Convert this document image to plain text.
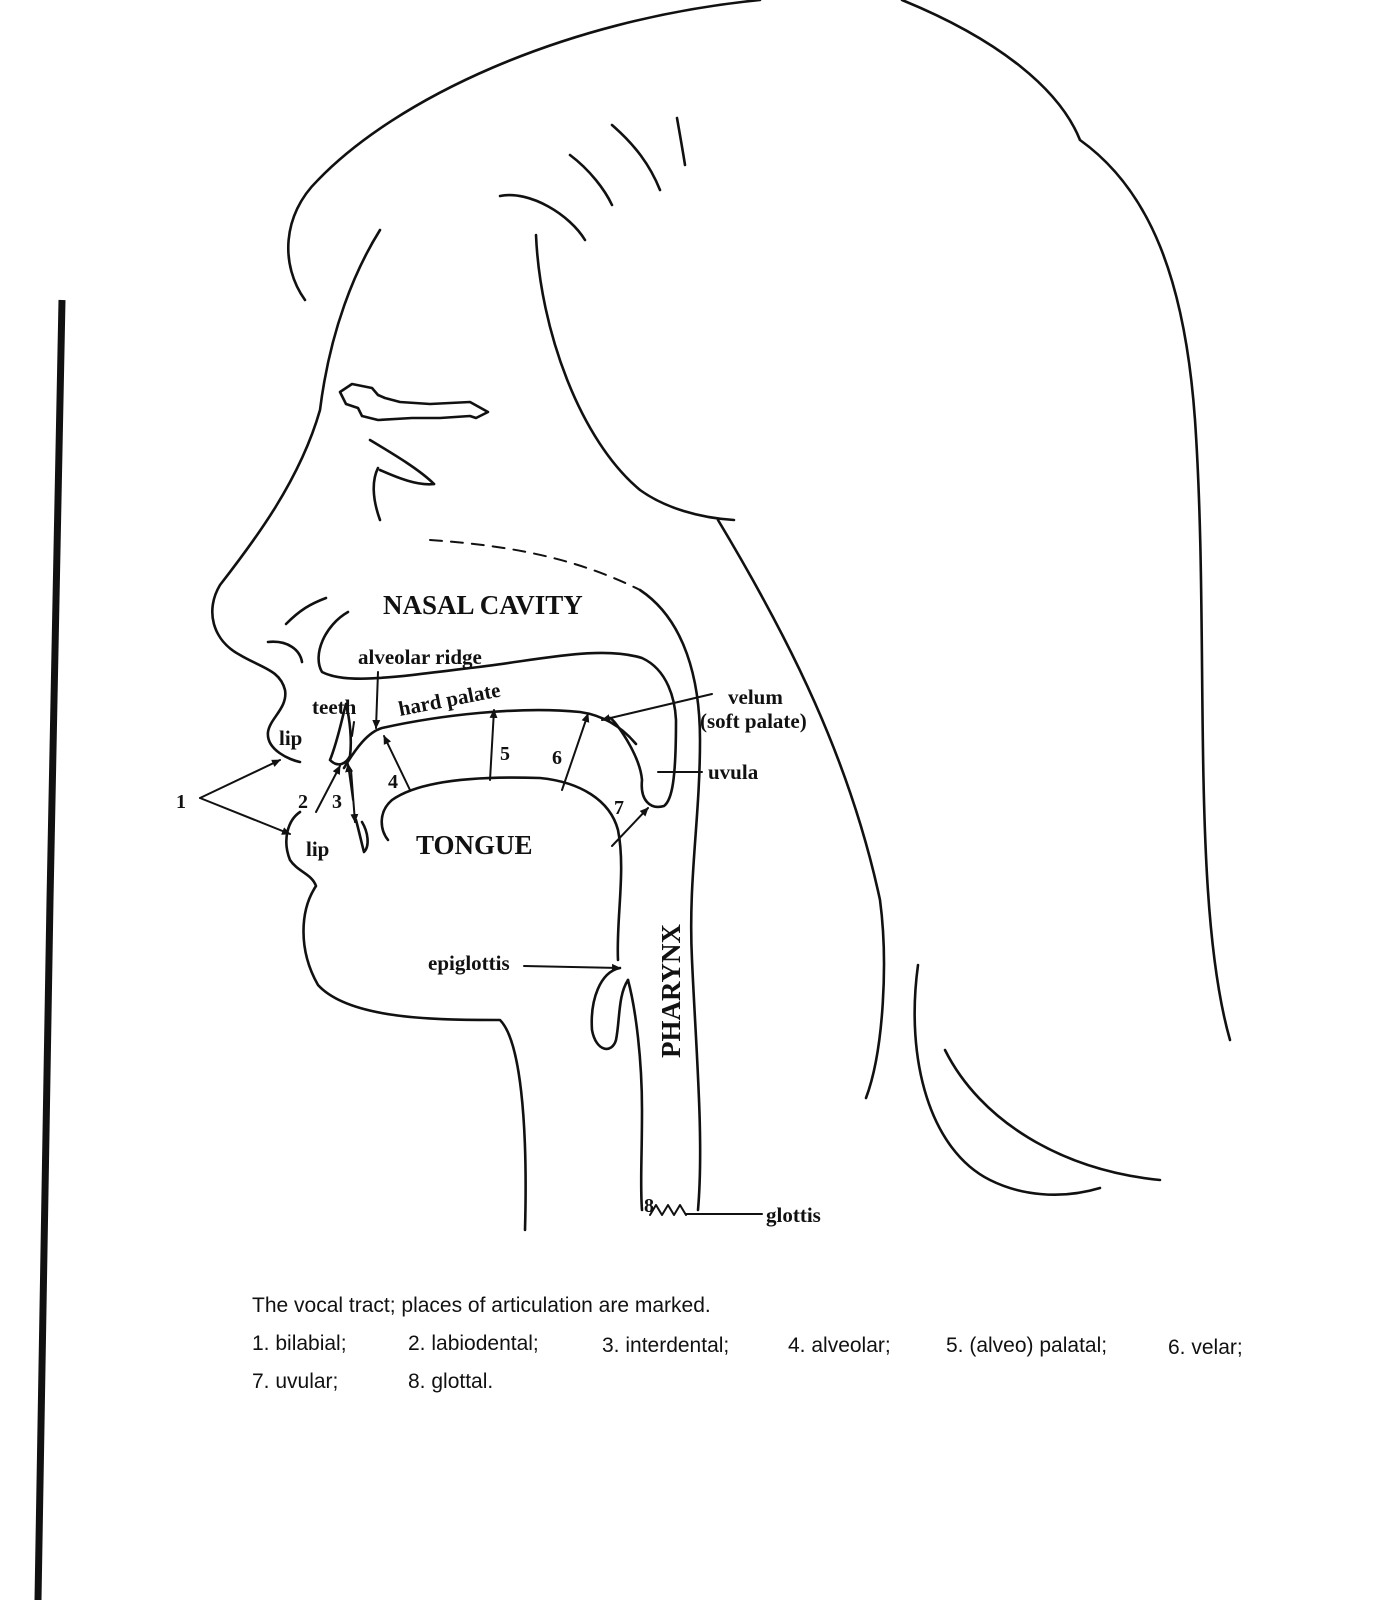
NASAL CAVITY
alveolar ridge
hard palate
teeth	velum
(soft palate)
uvula
lip
lip	TONGUE
epiglottis	PHARYNX
glottis
1	2 3
4
5 6
7
8
The vocal tract; places of articulation are marked.
1. bilabial;	2. labiodental;	3. interdental;	4. alveolar;	5. (alveo) palatal;	6. velar;
7. uvular;	8. glottal.
